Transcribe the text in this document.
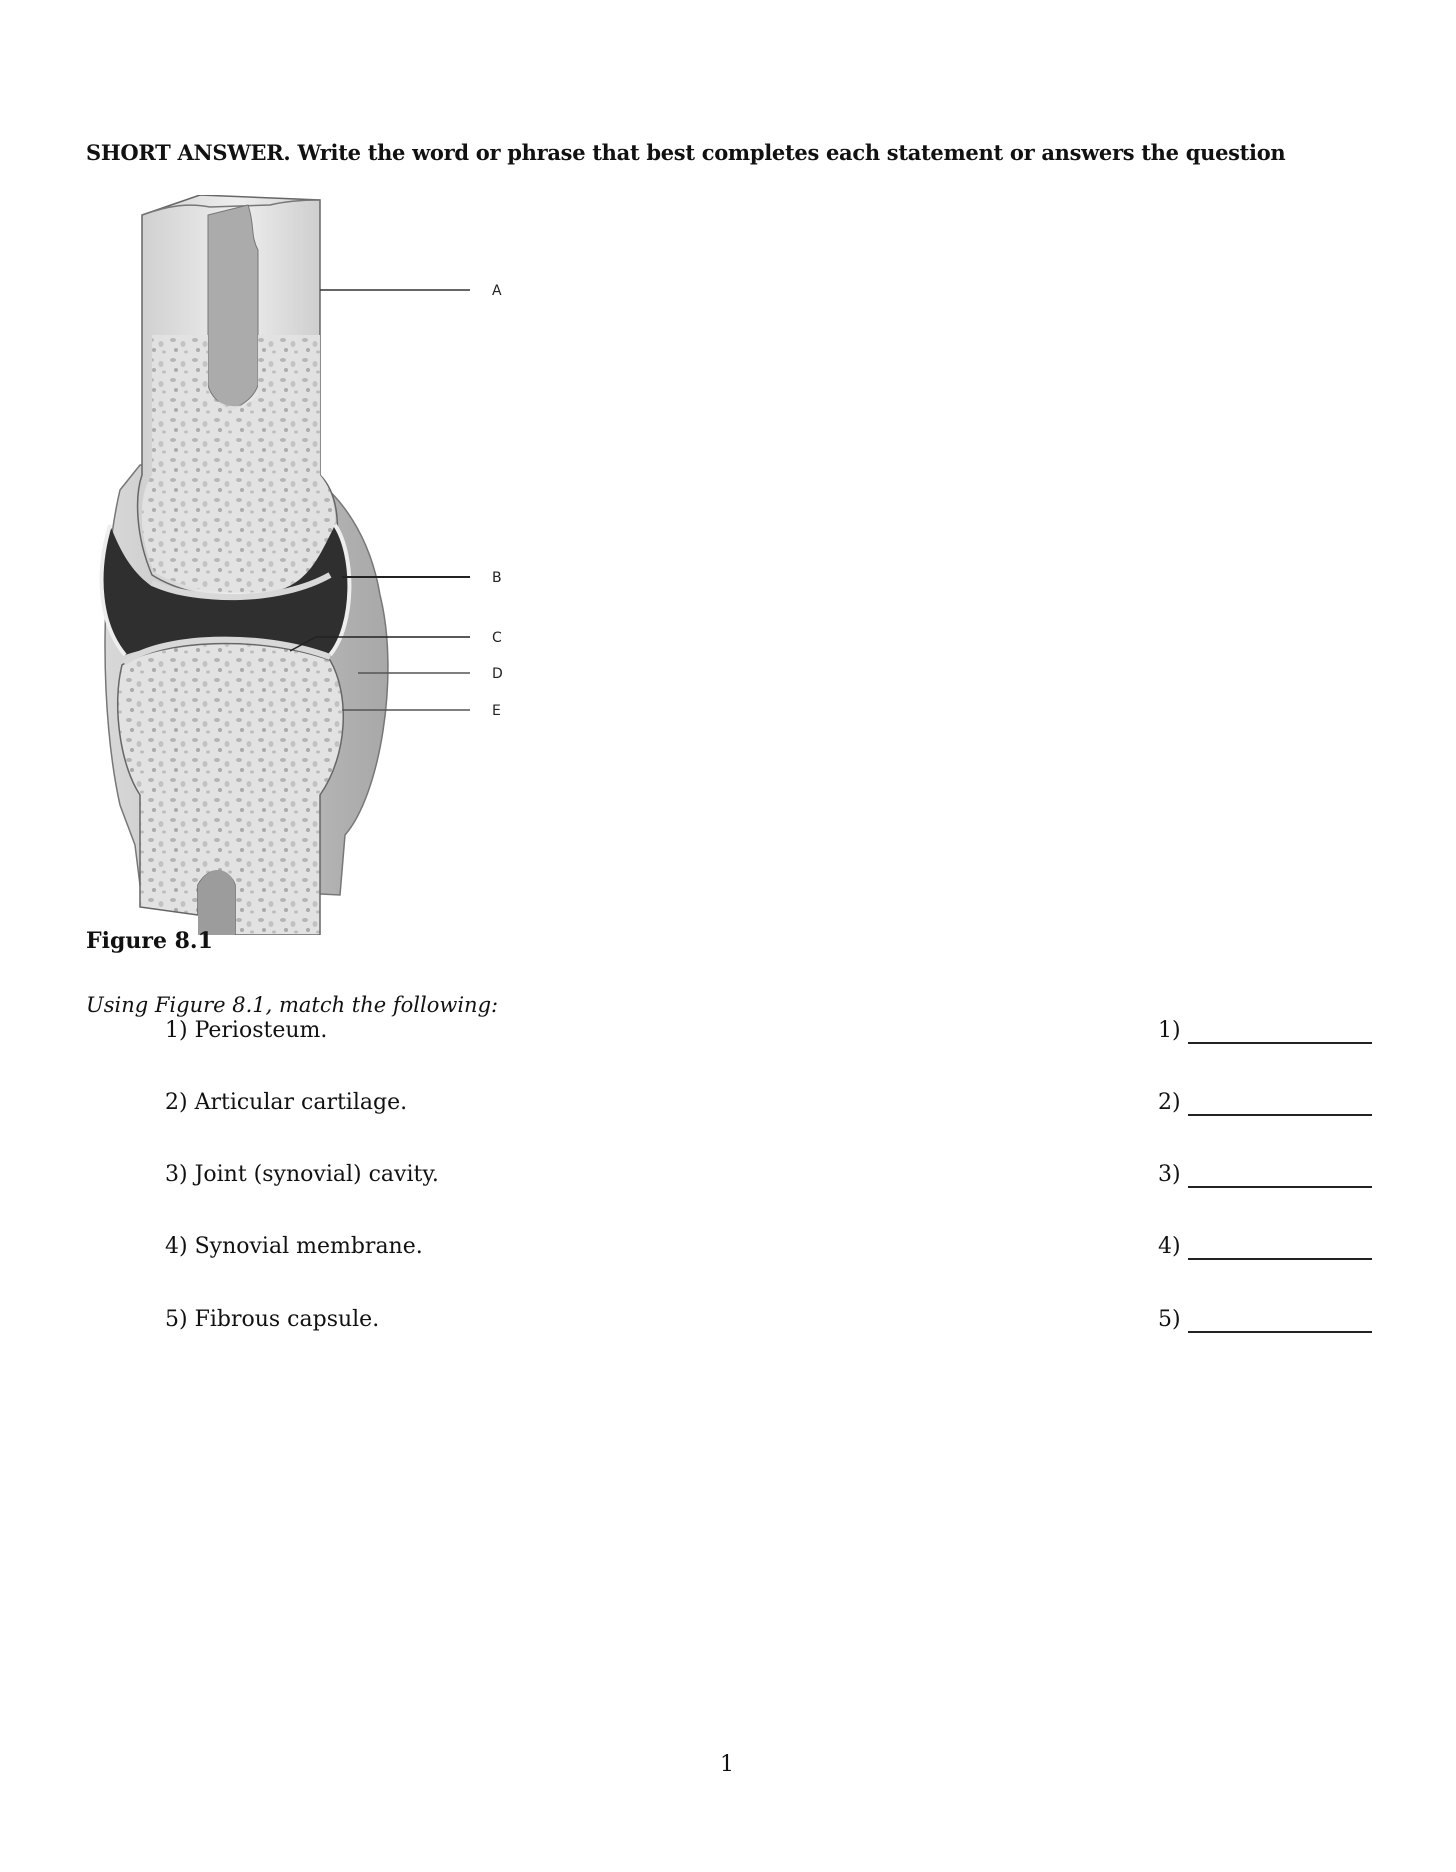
SHORT ANSWER. Write the word or phrase that best completes each statement or answers the question
A
B
C
D
E
Figure 8.1
Using Figure 8.1, match the following:
1) Periosteum.	1)
2) Articular cartilage.	2)
3) Joint (synovial) cavity.	3)
4) Synovial membrane.	4)
5) Fibrous capsule.	5)
1
